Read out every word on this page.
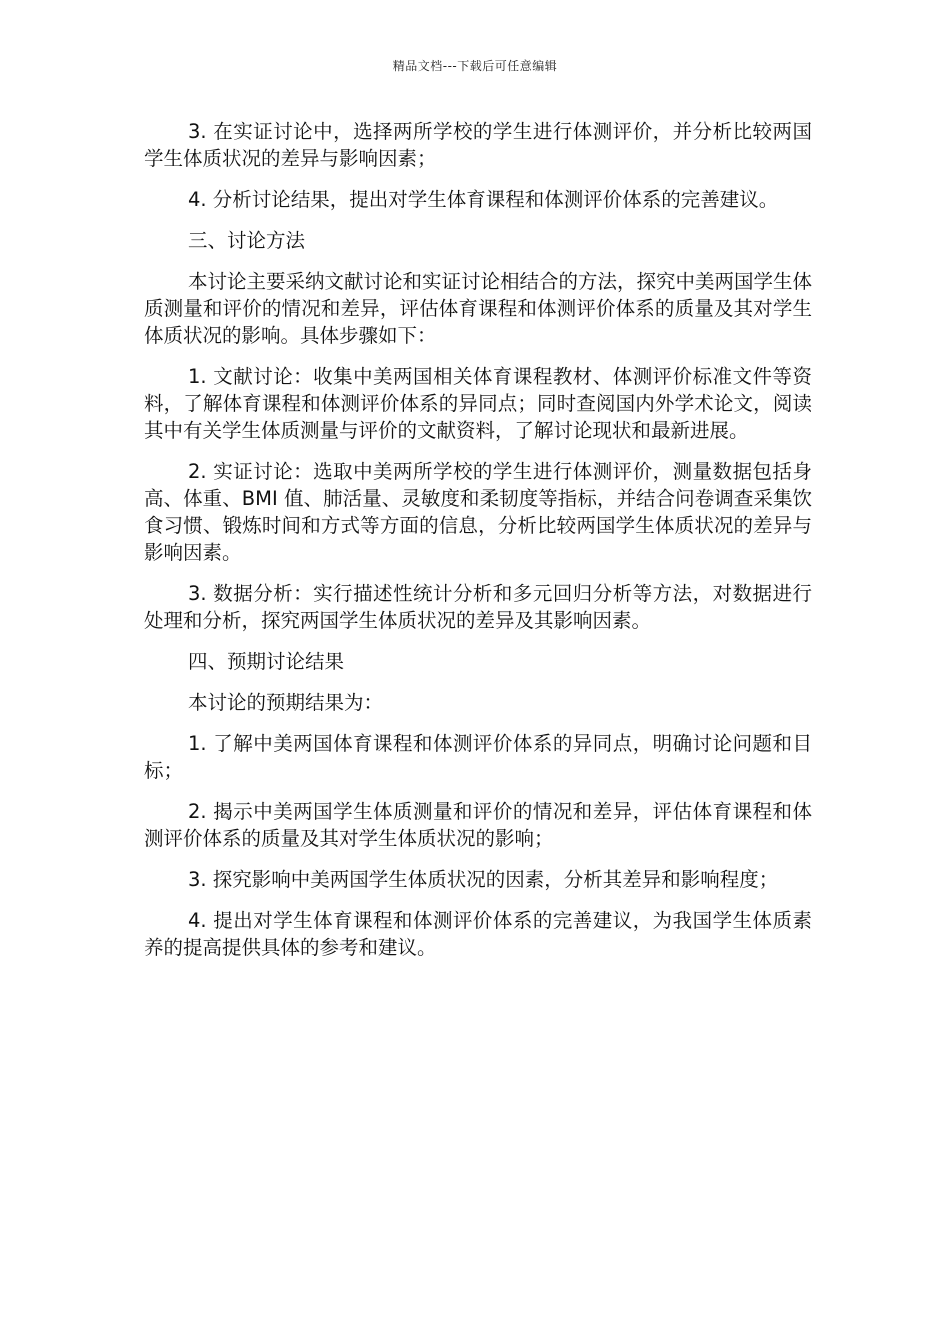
精品文档---下载后可任意编辑

3. 在实证讨论中，选择两所学校的学生进行体测评价，并分析比较两国学生体质状况的差异与影响因素；

4. 分析讨论结果，提出对学生体育课程和体测评价体系的完善建议。

三、讨论方法

本讨论主要采纳文献讨论和实证讨论相结合的方法，探究中美两国学生体质测量和评价的情况和差异，评估体育课程和体测评价体系的质量及其对学生体质状况的影响。具体步骤如下：

1. 文献讨论：收集中美两国相关体育课程教材、体测评价标准文件等资料，了解体育课程和体测评价体系的异同点；同时查阅国内外学术论文，阅读其中有关学生体质测量与评价的文献资料，了解讨论现状和最新进展。

2. 实证讨论：选取中美两所学校的学生进行体测评价，测量数据包括身高、体重、BMI 值、肺活量、灵敏度和柔韧度等指标，并结合问卷调查采集饮食习惯、锻炼时间和方式等方面的信息，分析比较两国学生体质状况的差异与影响因素。

3. 数据分析：实行描述性统计分析和多元回归分析等方法，对数据进行处理和分析，探究两国学生体质状况的差异及其影响因素。

四、预期讨论结果

本讨论的预期结果为：

1. 了解中美两国体育课程和体测评价体系的异同点，明确讨论问题和目标；

2. 揭示中美两国学生体质测量和评价的情况和差异，评估体育课程和体测评价体系的质量及其对学生体质状况的影响；

3. 探究影响中美两国学生体质状况的因素，分析其差异和影响程度；

4. 提出对学生体育课程和体测评价体系的完善建议，为我国学生体质素养的提高提供具体的参考和建议。
